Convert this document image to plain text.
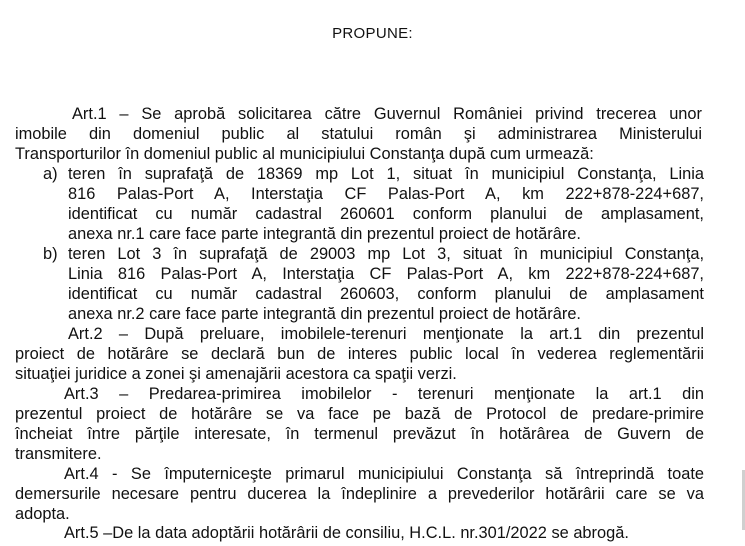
PROPUNE:
Art.1 – Se aprobă solicitarea către Guvernul României privind trecerea unor
imobile din domeniul public al statului român şi administrarea Ministerului
Transporturilor în domeniul public al municipiului Constanţa după cum urmează:
a) teren în suprafaţă de 18369 mp Lot 1, situat în municipiul Constanţa, Linia
816 Palas-Port A, Interstaţia CF Palas-Port A, km 222+878-224+687,
identificat cu număr cadastral 260601 conform planului de amplasament,
anexa nr.1 care face parte integrantă din prezentul proiect de hotărâre.
b) teren Lot 3 în suprafaţă de 29003 mp Lot 3, situat în municipiul Constanţa,
Linia 816 Palas-Port A, Interstaţia CF Palas-Port A, km 222+878-224+687,
identificat cu număr cadastral 260603, conform planului de amplasament
anexa nr.2 care face parte integrantă din prezentul proiect de hotărâre.
Art.2 – După preluare, imobilele-terenuri menţionate la art.1 din prezentul
proiect de hotărâre se declară bun de interes public local în vederea reglementării
situaţiei juridice a zonei şi amenajării acestora ca spaţii verzi.
Art.3 – Predarea-primirea imobilelor - terenuri menţionate la art.1 din
prezentul proiect de hotărâre se va face pe bază de Protocol de predare-primire
încheiat între părţile interesate, în termenul prevăzut în hotărârea de Guvern de
transmitere.
Art.4 - Se împuterniceşte primarul municipiului Constanţa să întreprindă toate
demersurile necesare pentru ducerea la îndeplinire a prevederilor hotărârii care se va
adopta.
Art.5 –De la data adoptării hotărârii de consiliu, H.C.L. nr.301/2022 se abrogă.
